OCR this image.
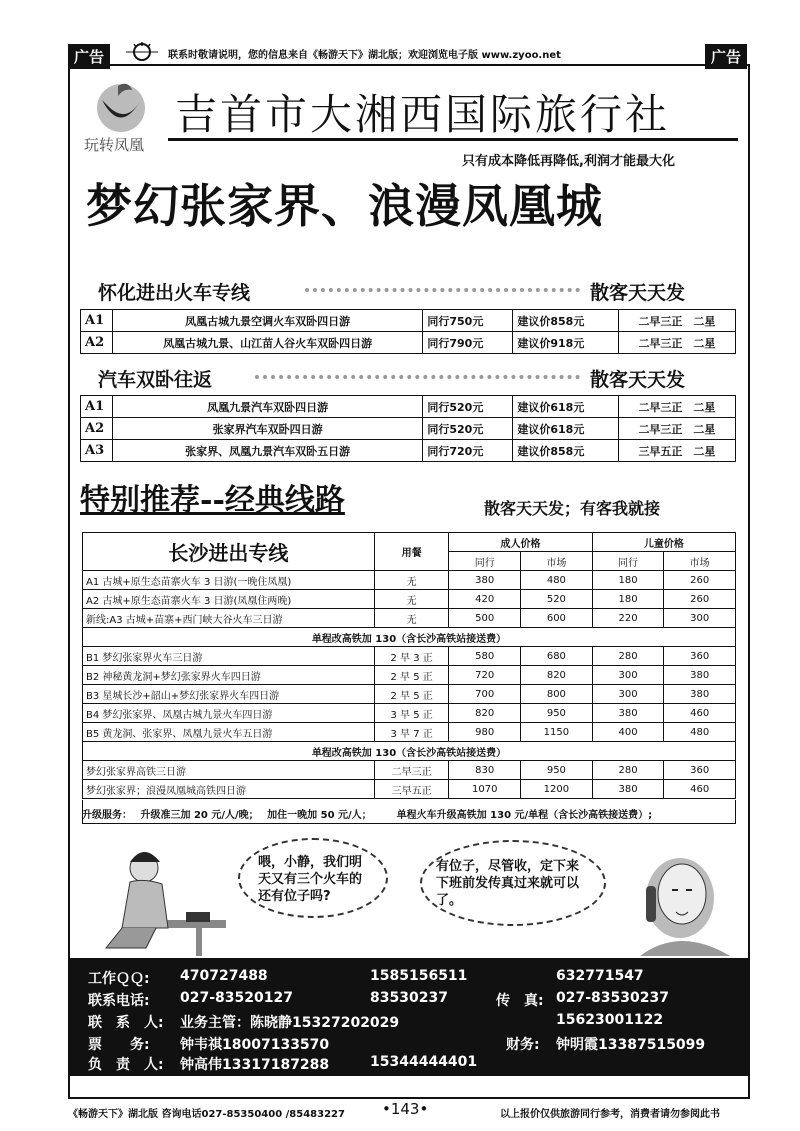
广告	联系时敬请说明，您的信息来自《畅游天下》湖北版；欢迎浏览电子版 www.zyoo.net	广告
玩转凤凰
吉首市大湘西国际旅行社
只有成本降低再降低,利润才能最大化
梦幻张家界、浪漫凤凰城
怀化进出火车专线	散客天天发
A1	凤凰古城九景空调火车双卧四日游	同行750元	建议价858元	二早三正　二星
A2	凤凰古城九景、山江苗人谷火车双卧四日游	同行790元	建议价918元	二早三正　二星
汽车双卧往返	散客天天发
A1	凤凰九景汽车双卧四日游	同行520元	建议价618元	二早三正　二星
A2	张家界汽车双卧四日游	同行520元	建议价618元	二早三正　二星
A3	张家界、凤凰九景汽车双卧五日游	同行720元	建议价858元	三早五正　二星
特别推荐--经典线路	散客天天发；有客我就接
长沙进出专线	用餐	成人价格		儿童价格	
		同行	市场	同行	市场
A1 古城+原生态苗寨火车 3 日游(一晚住凤凰)	无	380	480	180	260
A2 古城+原生态苗寨火车 3 日游(凤凰住两晚)	无	420	520	180	260
新线:A3 古城+苗寨+西门峡大谷火车三日游	无	500	600	220	300
单程改高铁加 130（含长沙高铁站接送费）					
B1 梦幻张家界火车三日游	2 早 3 正	580	680	280	360
B2 神秘黄龙洞+梦幻张家界火车四日游	2 早 5 正	720	820	300	380
B3 星城长沙+韶山+梦幻张家界火车四日游	2 早 5 正	700	800	300	380
B4 梦幻张家界、凤凰古城九景火车四日游	3 早 5 正	820	950	380	460
B5 黄龙洞、张家界、凤凰九景火车五日游	3 早 7 正	980	1150	400	480
单程改高铁加 130（含长沙高铁站接送费）					
梦幻张家界高铁三日游	二早三正	830	950	280	360
梦幻张家界；浪漫凤凰城高铁四日游	三早五正	1070	1200	380	460
升级服务：　 升级准三加 20 元/人/晚；　 加住一晚加 50 元/人；　　　单程火车升级高铁加 130 元/单程（含长沙高铁接送费）;
喂，小静，我们明天又有三个火车的还有位子吗?
有位子，尽管收，定下来下班前发传真过来就可以了。
工作ＱＱ: 470727488	1585156511	632771547
联系电话: 027-83520127	83530237	传　真: 027-83530237
联　系　人: 业务主管：陈晓静15327202029	15623001122
票　　务: 钟韦祺18007133570	财务: 钟明霞13387515099
负　责　人: 钟高伟13317187288	15344444401
《畅游天下》湖北版 咨询电话027-85350400 /85483227 •143•	以上报价仅供旅游同行参考，消费者请勿参阅此书
